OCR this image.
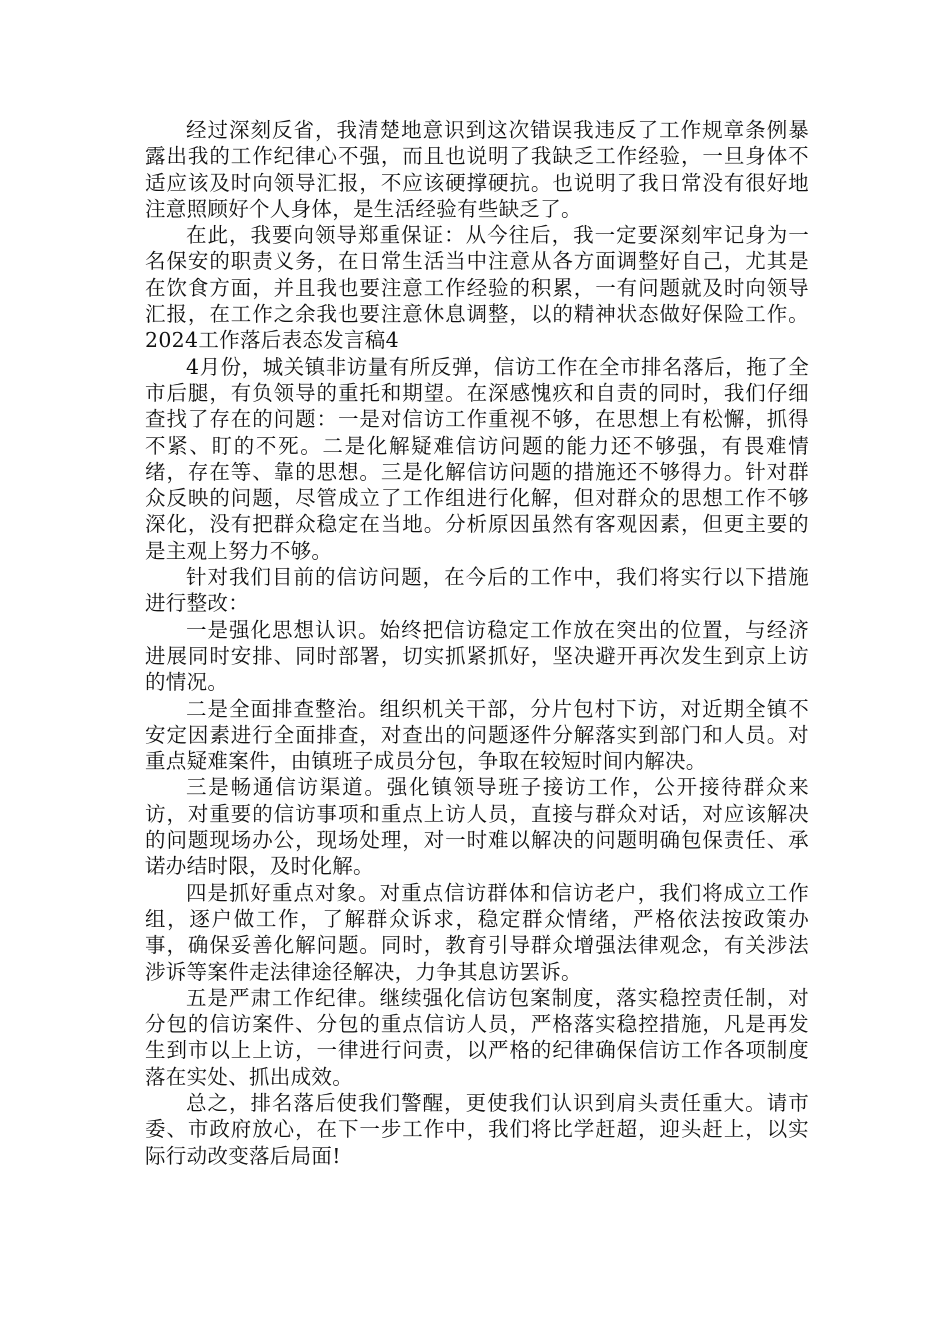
经过深刻反省，我清楚地意识到这次错误我违反了工作规章条例暴露出我的工作纪律心不强，而且也说明了我缺乏工作经验，一旦身体不适应该及时向领导汇报，不应该硬撑硬抗。也说明了我日常没有很好地注意照顾好个人身体，是生活经验有些缺乏了。

在此，我要向领导郑重保证：从今往后，我一定要深刻牢记身为一名保安的职责义务，在日常生活当中注意从各方面调整好自己，尤其是在饮食方面，并且我也要注意工作经验的积累，一有问题就及时向领导汇报，在工作之余我也要注意休息调整，以的精神状态做好保险工作。2024工作落后表态发言稿4

4月份，城关镇非访量有所反弹，信访工作在全市排名落后，拖了全市后腿，有负领导的重托和期望。在深感愧疚和自责的同时，我们仔细查找了存在的问题：一是对信访工作重视不够，在思想上有松懈，抓得不紧、盯的不死。二是化解疑难信访问题的能力还不够强，有畏难情绪，存在等、靠的思想。三是化解信访问题的措施还不够得力。针对群众反映的问题，尽管成立了工作组进行化解，但对群众的思想工作不够深化，没有把群众稳定在当地。分析原因虽然有客观因素，但更主要的是主观上努力不够。

针对我们目前的信访问题，在今后的工作中，我们将实行以下措施进行整改：

一是强化思想认识。始终把信访稳定工作放在突出的位置，与经济进展同时安排、同时部署，切实抓紧抓好，坚决避开再次发生到京上访的情况。

二是全面排查整治。组织机关干部，分片包村下访，对近期全镇不安定因素进行全面排查，对查出的问题逐件分解落实到部门和人员。对重点疑难案件，由镇班子成员分包，争取在较短时间内解决。

三是畅通信访渠道。强化镇领导班子接访工作，公开接待群众来访，对重要的信访事项和重点上访人员，直接与群众对话，对应该解决的问题现场办公，现场处理，对一时难以解决的问题明确包保责任、承诺办结时限，及时化解。

四是抓好重点对象。对重点信访群体和信访老户，我们将成立工作组，逐户做工作，了解群众诉求，稳定群众情绪，严格依法按政策办事，确保妥善化解问题。同时，教育引导群众增强法律观念，有关涉法涉诉等案件走法律途径解决，力争其息访罢诉。

五是严肃工作纪律。继续强化信访包案制度，落实稳控责任制，对分包的信访案件、分包的重点信访人员，严格落实稳控措施，凡是再发生到市以上上访，一律进行问责，以严格的纪律确保信访工作各项制度落在实处、抓出成效。

总之，排名落后使我们警醒，更使我们认识到肩头责任重大。请市委、市政府放心，在下一步工作中，我们将比学赶超，迎头赶上，以实际行动改变落后局面!
